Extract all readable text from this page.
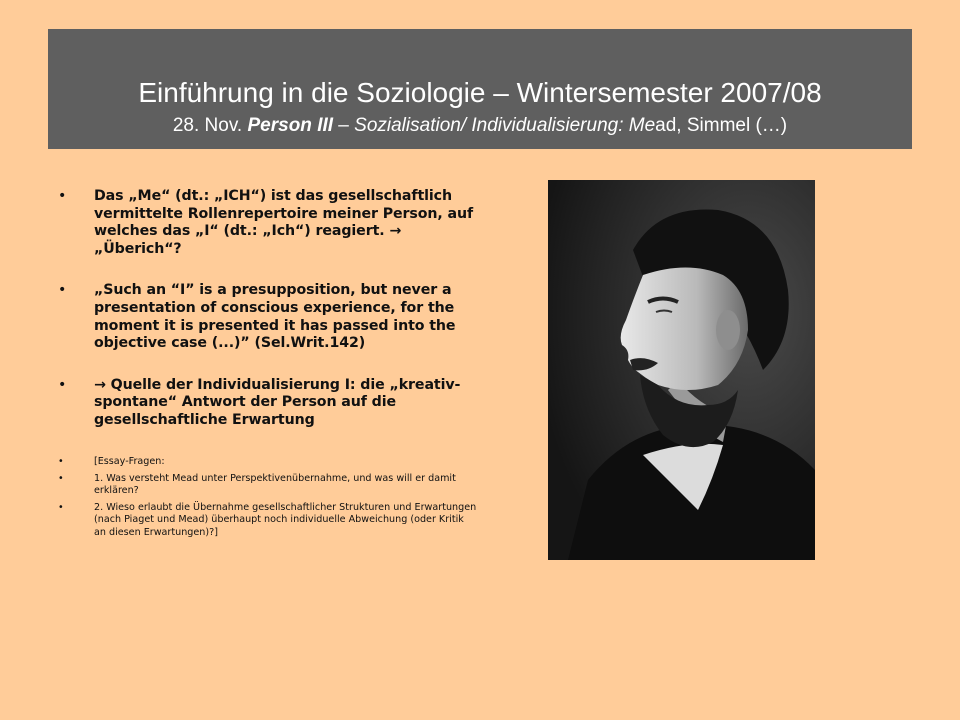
Einführung in die Soziologie – Wintersemester 2007/08
28. Nov. Person III – Sozialisation/ Individualisierung: Mead, Simmel (…)
• Das „Me“ (dt.: „ICH“) ist das gesellschaftlich vermittelte Rollenrepertoire meiner Person, auf welches das „I“ (dt.: „Ich“) reagiert. → „Überich“?
• „Such an “I” is a presupposition, but never a presentation of conscious experience, for the moment it is presented it has passed into the objective case (...)” (Sel.Writ.142)
• → Quelle der Individualisierung I: die „kreativ-spontane“ Antwort der Person auf die gesellschaftliche Erwartung
•	[Essay-Fragen:
•	1. Was versteht Mead unter Perspektivenübernahme, und was will er damit erklären?
•	2. Wieso erlaubt die Übernahme gesellschaftlicher Strukturen und Erwartungen (nach Piaget und Mead) überhaupt noch individuelle Abweichung (oder Kritik an diesen Erwartungen)?]
